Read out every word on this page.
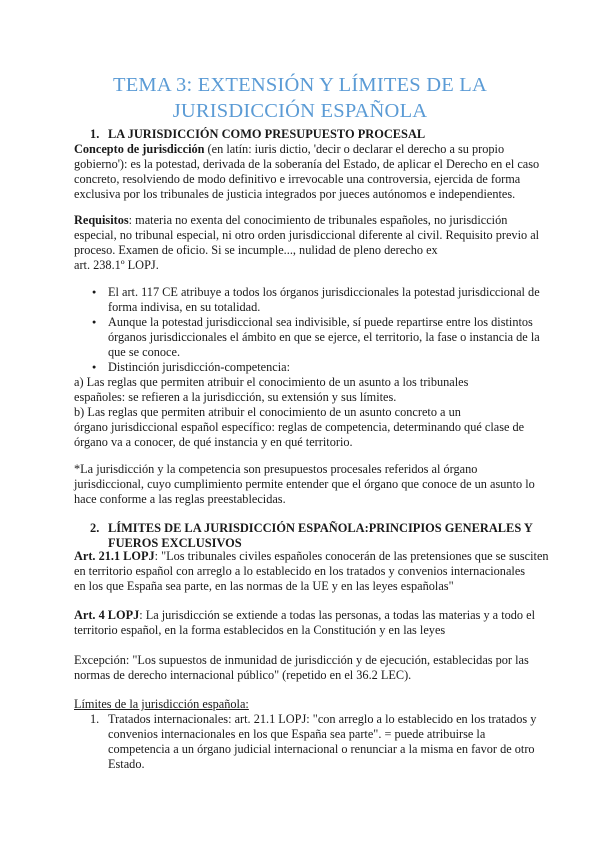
TEMA 3: EXTENSIÓN Y LÍMITES DE LA
JURISDICCIÓN ESPAÑOLA
1. LA JURISDICCIÓN COMO PRESUPUESTO PROCESAL
Concepto de jurisdicción (en latín: iuris dictio, 'decir o declarar el derecho a su propio
gobierno'): es la potestad, derivada de la soberanía del Estado, de aplicar el Derecho en el caso
concreto, resolviendo de modo definitivo e irrevocable una controversia, ejercida de forma
exclusiva por los tribunales de justicia integrados por jueces autónomos e independientes.
Requisitos: materia no exenta del conocimiento de tribunales españoles, no jurisdicción
especial, no tribunal especial, ni otro orden jurisdiccional diferente al civil. Requisito previo al
proceso. Examen de oficio. Si se incumple..., nulidad de pleno derecho ex
art. 238.1º LOPJ.
● El art. 117 CE atribuye a todos los órganos jurisdiccionales la potestad jurisdiccional de
forma indivisa, en su totalidad.
● Aunque la potestad jurisdiccional sea indivisible, sí puede repartirse entre los distintos
órganos jurisdiccionales el ámbito en que se ejerce, el territorio, la fase o instancia de la
que se conoce.
● Distinción jurisdicción-competencia:
a) Las reglas que permiten atribuir el conocimiento de un asunto a los tribunales
españoles: se refieren a la jurisdicción, su extensión y sus límites.
b) Las reglas que permiten atribuir el conocimiento de un asunto concreto a un
órgano jurisdiccional español específico: reglas de competencia, determinando qué clase de
órgano va a conocer, de qué instancia y en qué territorio.
*La jurisdicción y la competencia son presupuestos procesales referidos al órgano
jurisdiccional, cuyo cumplimiento permite entender que el órgano que conoce de un asunto lo
hace conforme a las reglas preestablecidas.
2. LÍMITES DE LA JURISDICCIÓN ESPAÑOLA:PRINCIPIOS GENERALES Y
FUEROS EXCLUSIVOS
Art. 21.1 LOPJ: "Los tribunales civiles españoles conocerán de las pretensiones que se susciten
en territorio español con arreglo a lo establecido en los tratados y convenios internacionales
en los que España sea parte, en las normas de la UE y en las leyes españolas"
Art. 4 LOPJ: La jurisdicción se extiende a todas las personas, a todas las materias y a todo el
territorio español, en la forma establecidos en la Constitución y en las leyes
Excepción: "Los supuestos de inmunidad de jurisdicción y de ejecución, establecidas por las
normas de derecho internacional público" (repetido en el 36.2 LEC).
Límites de la jurisdicción española:
1. Tratados internacionales: art. 21.1 LOPJ: "con arreglo a lo establecido en los tratados y
convenios internacionales en los que España sea parte". = puede atribuirse la
competencia a un órgano judicial internacional o renunciar a la misma en favor de otro
Estado.
